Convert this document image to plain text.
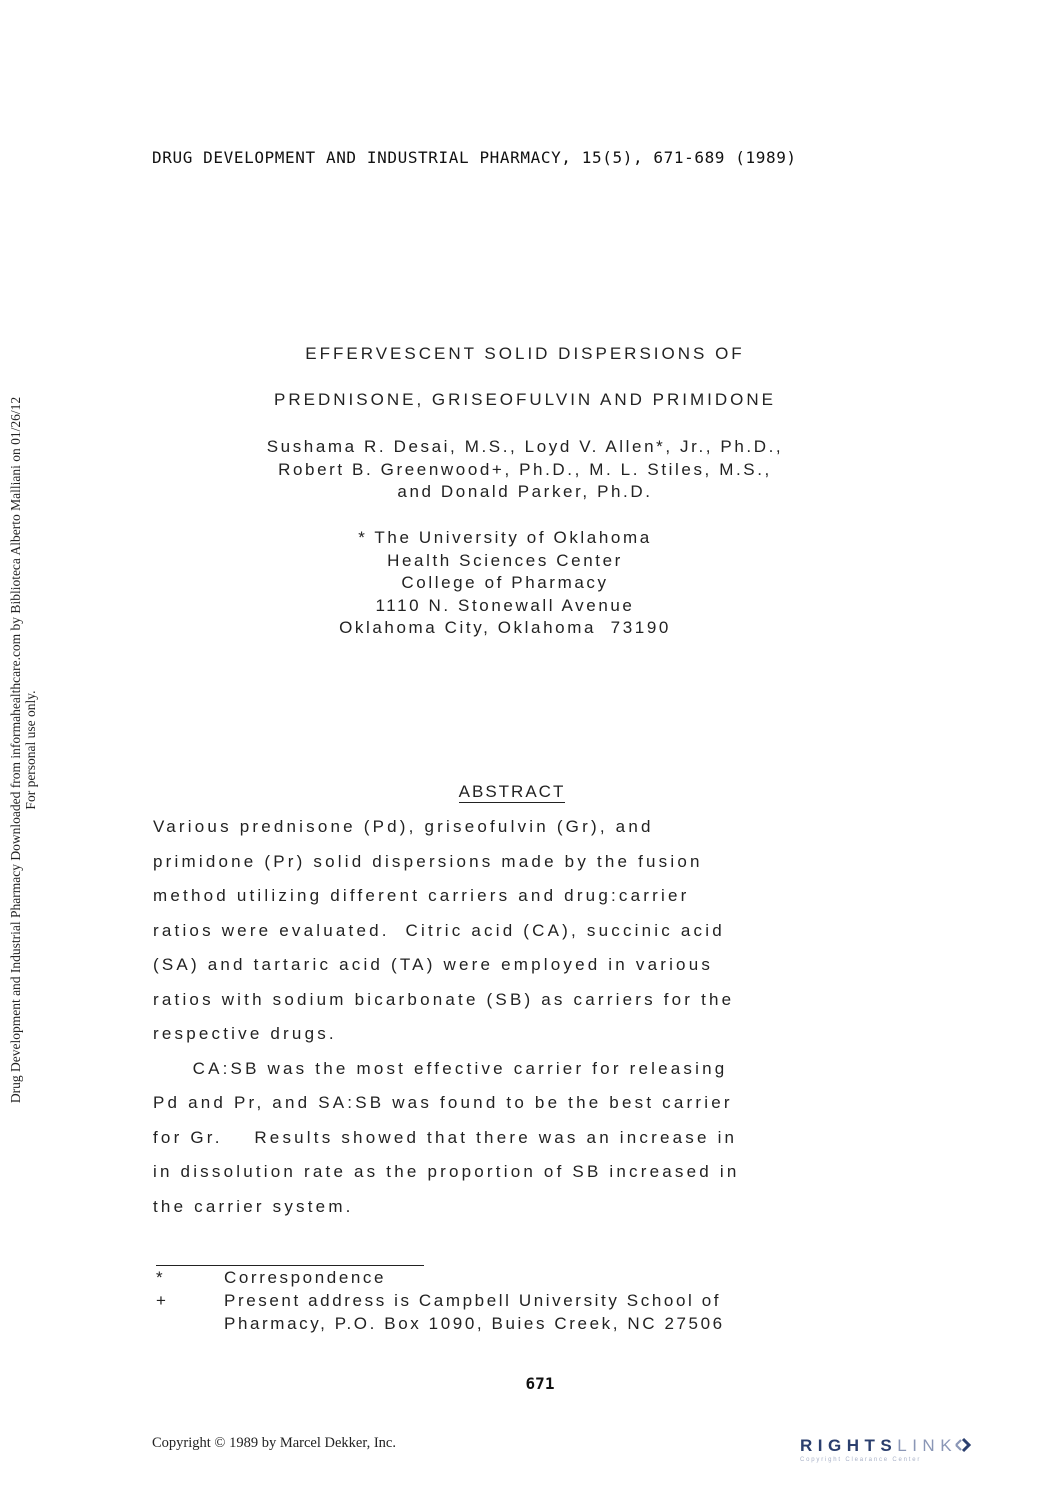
DRUG DEVELOPMENT AND INDUSTRIAL PHARMACY, 15(5), 671-689 (1989)
Drug Development and Industrial Pharmacy Downloaded from informahealthcare.com by Biblioteca Alberto Malliani on 01/26/12 For personal use only.
EFFERVESCENT SOLID DISPERSIONS OF
PREDNISONE, GRISEOFULVIN AND PRIMIDONE
Sushama R. Desai, M.S., Loyd V. Allen*, Jr., Ph.D.,
Robert B. Greenwood+, Ph.D., M. L. Stiles, M.S.,
and Donald Parker, Ph.D.
* The University of Oklahoma
Health Sciences Center
College of Pharmacy
1110 N. Stonewall Avenue
Oklahoma City, Oklahoma  73190
ABSTRACT
Various prednisone (Pd), griseofulvin (Gr), and
primidone (Pr) solid dispersions made by the fusion
method utilizing different carriers and drug:carrier
ratios were evaluated.  Citric acid (CA), succinic acid
(SA) and tartaric acid (TA) were employed in various
ratios with sodium bicarbonate (SB) as carriers for the
respective drugs.
CA:SB was the most effective carrier for releasing
Pd and Pr, and SA:SB was found to be the best carrier
for Gr.    Results showed that there was an increase in
in dissolution rate as the proportion of SB increased in
the carrier system.
*	Correspondence
+	Present address is Campbell University School of
Pharmacy, P.O. Box 1090, Buies Creek, NC 27506
671
Copyright © 1989 by Marcel Dekker, Inc.	RIGHTSLINK
Copyright Clearance Center
